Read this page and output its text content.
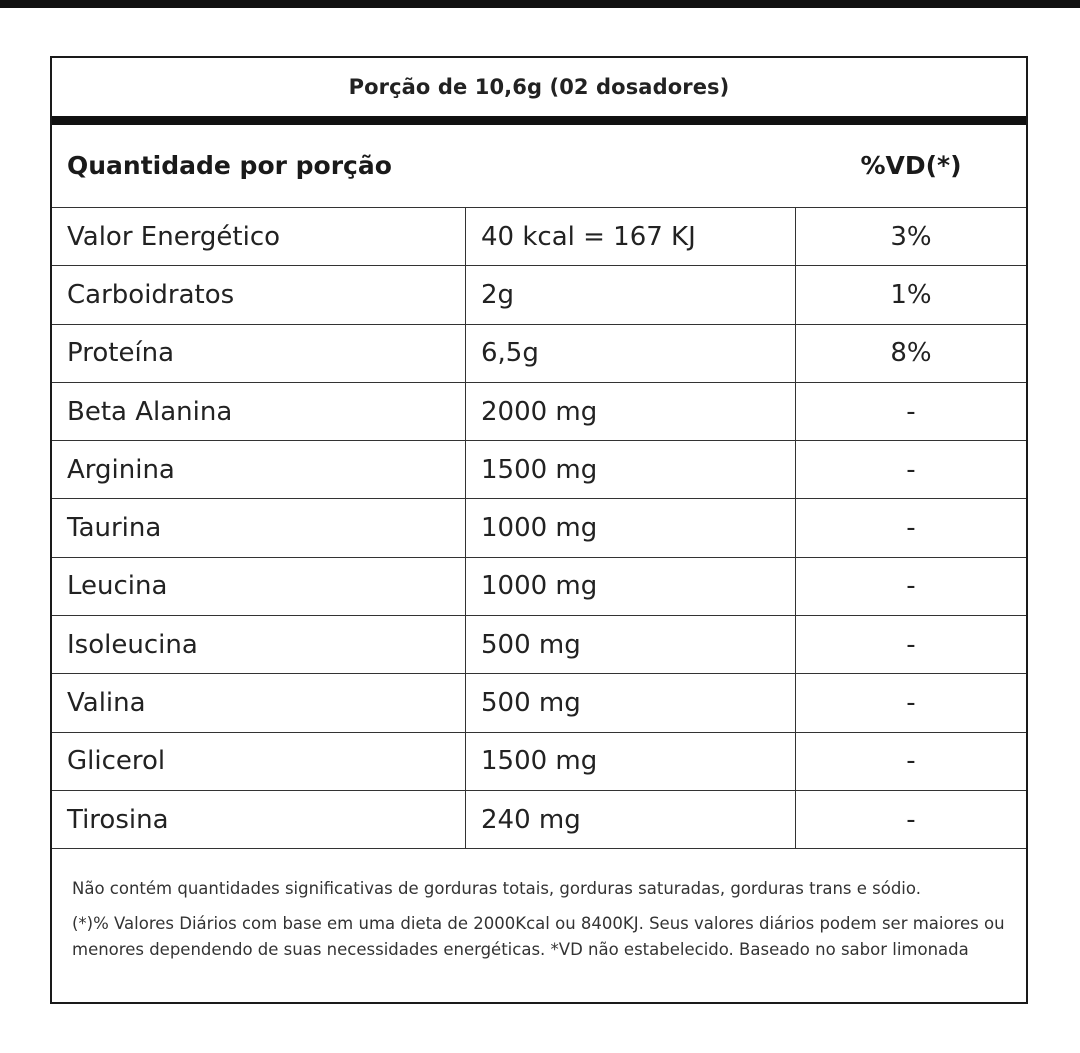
Porção de 10,6g (02 dosadores)
Quantidade por porção	%VD(*)
Valor Energético	40 kcal = 167 KJ	3%
Carboidratos	2g	1%
Proteína	6,5g	8%
Beta Alanina	2000 mg	-
Arginina	1500 mg	-
Taurina	1000 mg	-
Leucina	1000 mg	-
Isoleucina	500 mg	-
Valina	500 mg	-
Glicerol	1500 mg	-
Tirosina	240 mg	-

Não contém quantidades significativas de gorduras totais, gorduras saturadas, gorduras trans e sódio.

(*)% Valores Diários com base em uma dieta de 2000Kcal ou 8400KJ. Seus valores diários podem ser maiores ou menores dependendo de suas necessidades energéticas. *VD não estabelecido. Baseado no sabor limonada
